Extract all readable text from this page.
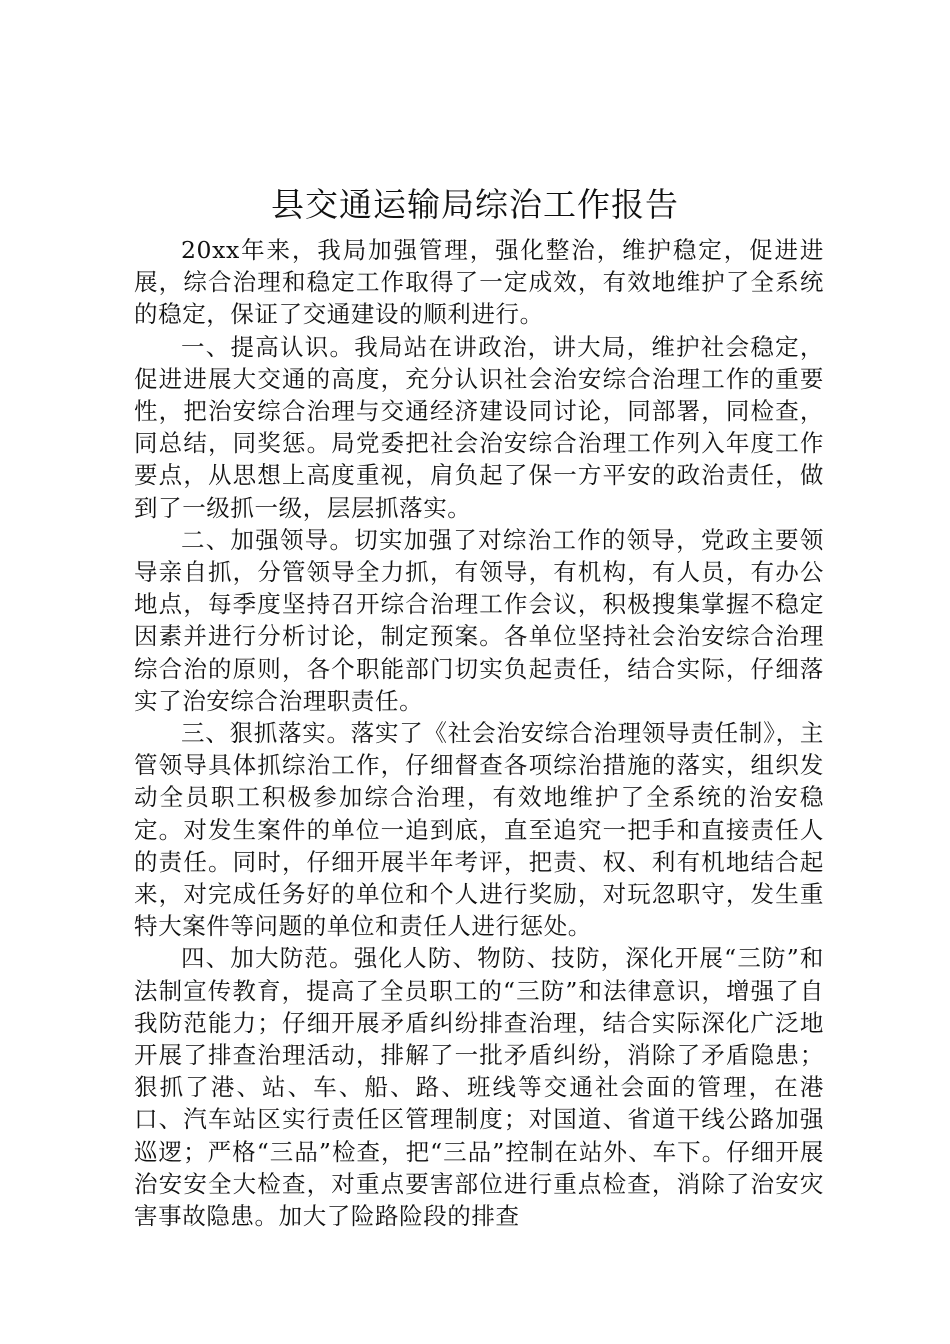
县交通运输局综治工作报告

20xx年来，我局加强管理，强化整治，维护稳定，促进进展，综合治理和稳定工作取得了一定成效，有效地维护了全系统的稳定，保证了交通建设的顺利进行。

一、提高认识。我局站在讲政治，讲大局，维护社会稳定，促进进展大交通的高度，充分认识社会治安综合治理工作的重要性，把治安综合治理与交通经济建设同讨论，同部署，同检查，同总结，同奖惩。局党委把社会治安综合治理工作列入年度工作要点，从思想上高度重视，肩负起了保一方平安的政治责任，做到了一级抓一级，层层抓落实。

二、加强领导。切实加强了对综治工作的领导，党政主要领导亲自抓，分管领导全力抓，有领导，有机构，有人员，有办公地点，每季度坚持召开综合治理工作会议，积极搜集掌握不稳定因素并进行分析讨论，制定预案。各单位坚持社会治安综合治理综合治的原则，各个职能部门切实负起责任，结合实际，仔细落实了治安综合治理职责任。

三、狠抓落实。落实了《社会治安综合治理领导责任制》，主管领导具体抓综治工作，仔细督查各项综治措施的落实，组织发动全员职工积极参加综合治理，有效地维护了全系统的治安稳定。对发生案件的单位一追到底，直至追究一把手和直接责任人的责任。同时，仔细开展半年考评，把责、权、利有机地结合起来，对完成任务好的单位和个人进行奖励，对玩忽职守，发生重特大案件等问题的单位和责任人进行惩处。

四、加大防范。强化人防、物防、技防，深化开展“三防”和法制宣传教育，提高了全员职工的“三防”和法律意识，增强了自我防范能力；仔细开展矛盾纠纷排查治理，结合实际深化广泛地开展了排查治理活动，排解了一批矛盾纠纷，消除了矛盾隐患；狠抓了港、站、车、船、路、班线等交通社会面的管理，在港口、汽车站区实行责任区管理制度；对国道、省道干线公路加强巡逻；严格“三品”检查，把“三品”控制在站外、车下。仔细开展治安安全大检查，对重点要害部位进行重点检查，消除了治安灾害事故隐患。加大了险路险段的排查
